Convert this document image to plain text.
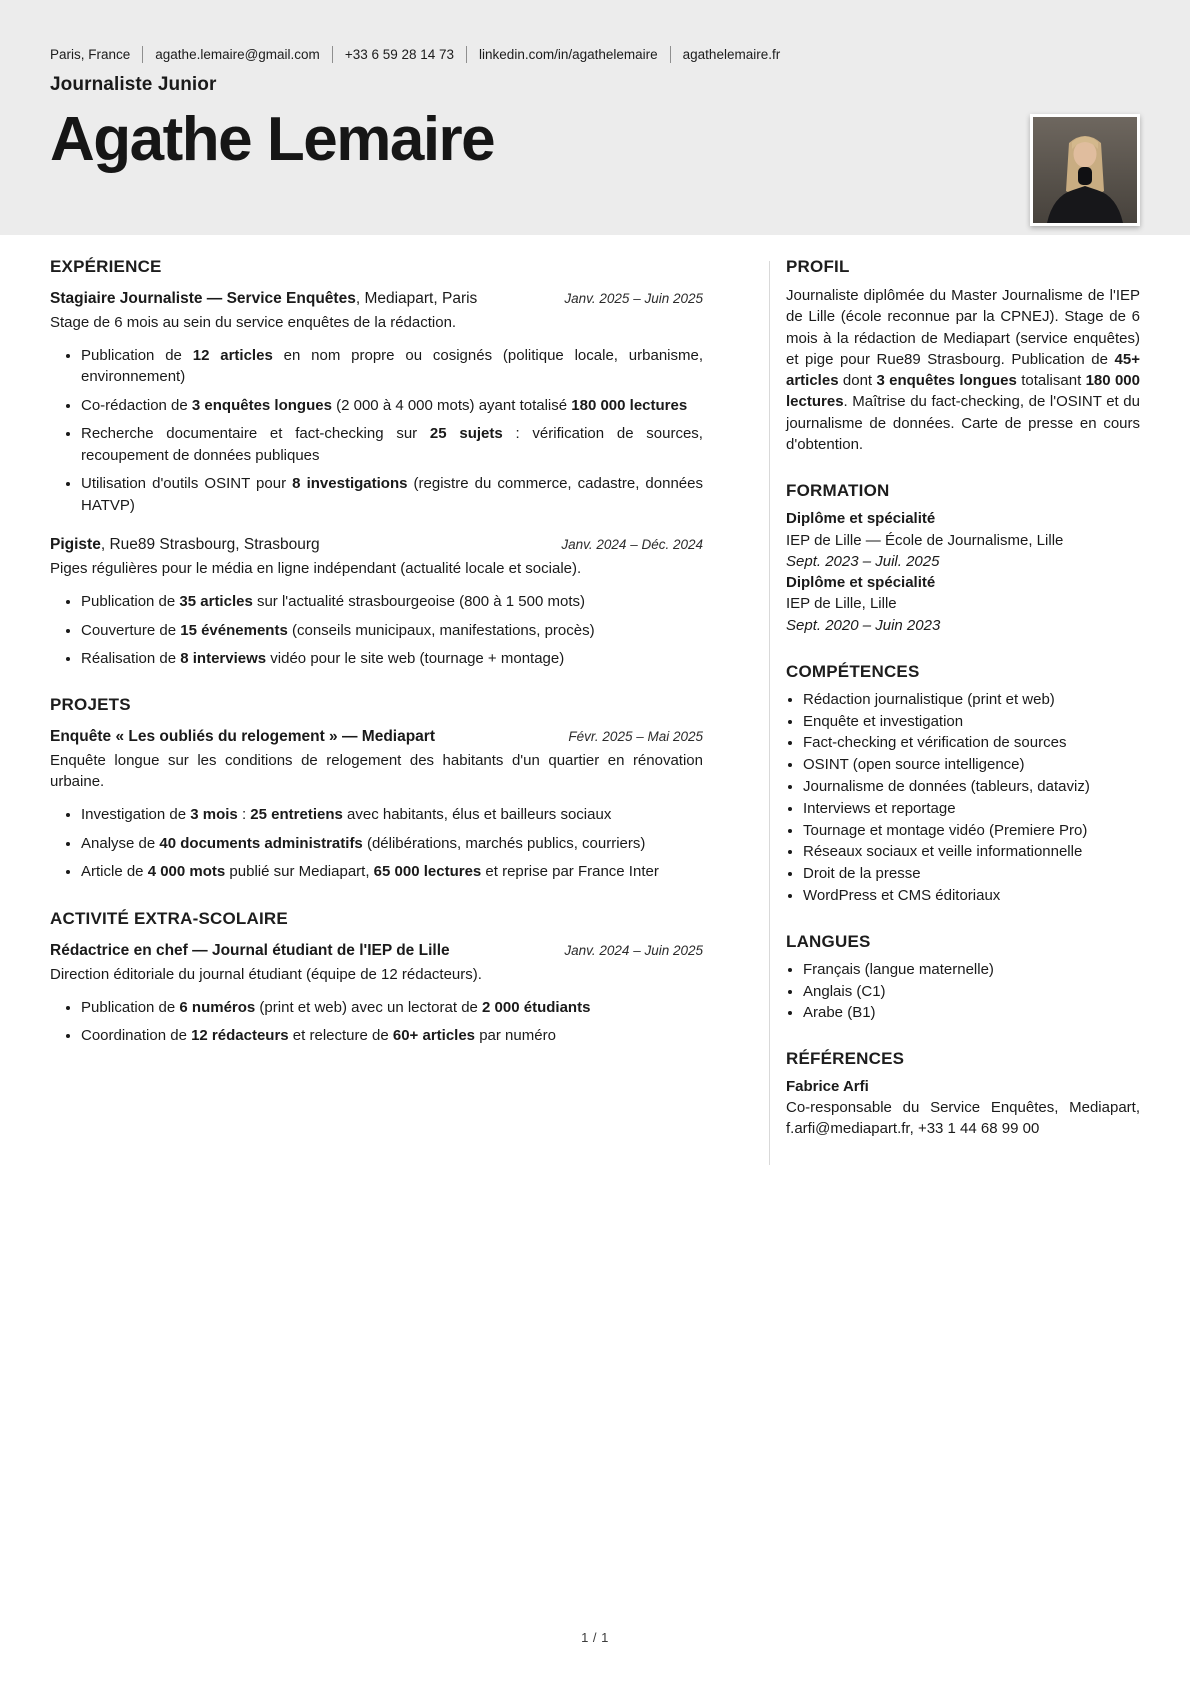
Paris, France agathe.lemaire@gmail.com +33 6 59 28 14 73 linkedin.com/in/agathelemaire agathelemaire.fr
Journaliste Junior
Agathe Lemaire
EXPÉRIENCE
Stagiaire Journaliste — Service Enquêtes, Mediapart, Paris	Janv. 2025 – Juin 2025
Stage de 6 mois au sein du service enquêtes de la rédaction.
• Publication de 12 articles en nom propre ou cosignés (politique locale, urbanisme, environnement)
• Co-rédaction de 3 enquêtes longues (2 000 à 4 000 mots) ayant totalisé 180 000 lectures
• Recherche documentaire et fact-checking sur 25 sujets : vérification de sources, recoupement de données publiques
• Utilisation d'outils OSINT pour 8 investigations (registre du commerce, cadastre, données HATVP)
Pigiste, Rue89 Strasbourg, Strasbourg	Janv. 2024 – Déc. 2024
Piges régulières pour le média en ligne indépendant (actualité locale et sociale).
• Publication de 35 articles sur l'actualité strasbourgeoise (800 à 1 500 mots)
• Couverture de 15 événements (conseils municipaux, manifestations, procès)
• Réalisation de 8 interviews vidéo pour le site web (tournage + montage)
PROJETS
Enquête « Les oubliés du relogement » — Mediapart	Févr. 2025 – Mai 2025
Enquête longue sur les conditions de relogement des habitants d'un quartier en rénovation urbaine.
• Investigation de 3 mois : 25 entretiens avec habitants, élus et bailleurs sociaux
• Analyse de 40 documents administratifs (délibérations, marchés publics, courriers)
• Article de 4 000 mots publié sur Mediapart, 65 000 lectures et reprise par France Inter
ACTIVITÉ EXTRA-SCOLAIRE
Rédactrice en chef — Journal étudiant de l'IEP de Lille	Janv. 2024 – Juin 2025
Direction éditoriale du journal étudiant (équipe de 12 rédacteurs).
• Publication de 6 numéros (print et web) avec un lectorat de 2 000 étudiants
• Coordination de 12 rédacteurs et relecture de 60+ articles par numéro
PROFIL

Journaliste diplômée du Master Journalisme de l'IEP de Lille (école reconnue par la CPNEJ). Stage de 6 mois à la rédaction de Mediapart (service enquêtes) et pige pour Rue89 Strasbourg. Publication de 45+ articles dont 3 enquêtes longues totalisant 180 000 lectures. Maîtrise du fact-checking, de l'OSINT et du journalisme de données. Carte de presse en cours d'obtention.

FORMATION
Diplôme et spécialité
IEP de Lille — École de Journalisme, Lille
Sept. 2023 – Juil. 2025
Diplôme et spécialité
IEP de Lille, Lille
Sept. 2020 – Juin 2023
COMPÉTENCES
• Rédaction journalistique (print et web)
• Enquête et investigation
• Fact-checking et vérification de sources
• OSINT (open source intelligence)
• Journalisme de données (tableurs, dataviz)
• Interviews et reportage
• Tournage et montage vidéo (Premiere Pro)
• Réseaux sociaux et veille informationnelle
• Droit de la presse
• WordPress et CMS éditoriaux
LANGUES
• Français (langue maternelle)
• Anglais (C1)
• Arabe (B1)
RÉFÉRENCES
Fabrice Arfi
Co-responsable du Service Enquêtes, Mediapart, f.arfi@mediapart.fr, +33 1 44 68 99 00
1 / 1
